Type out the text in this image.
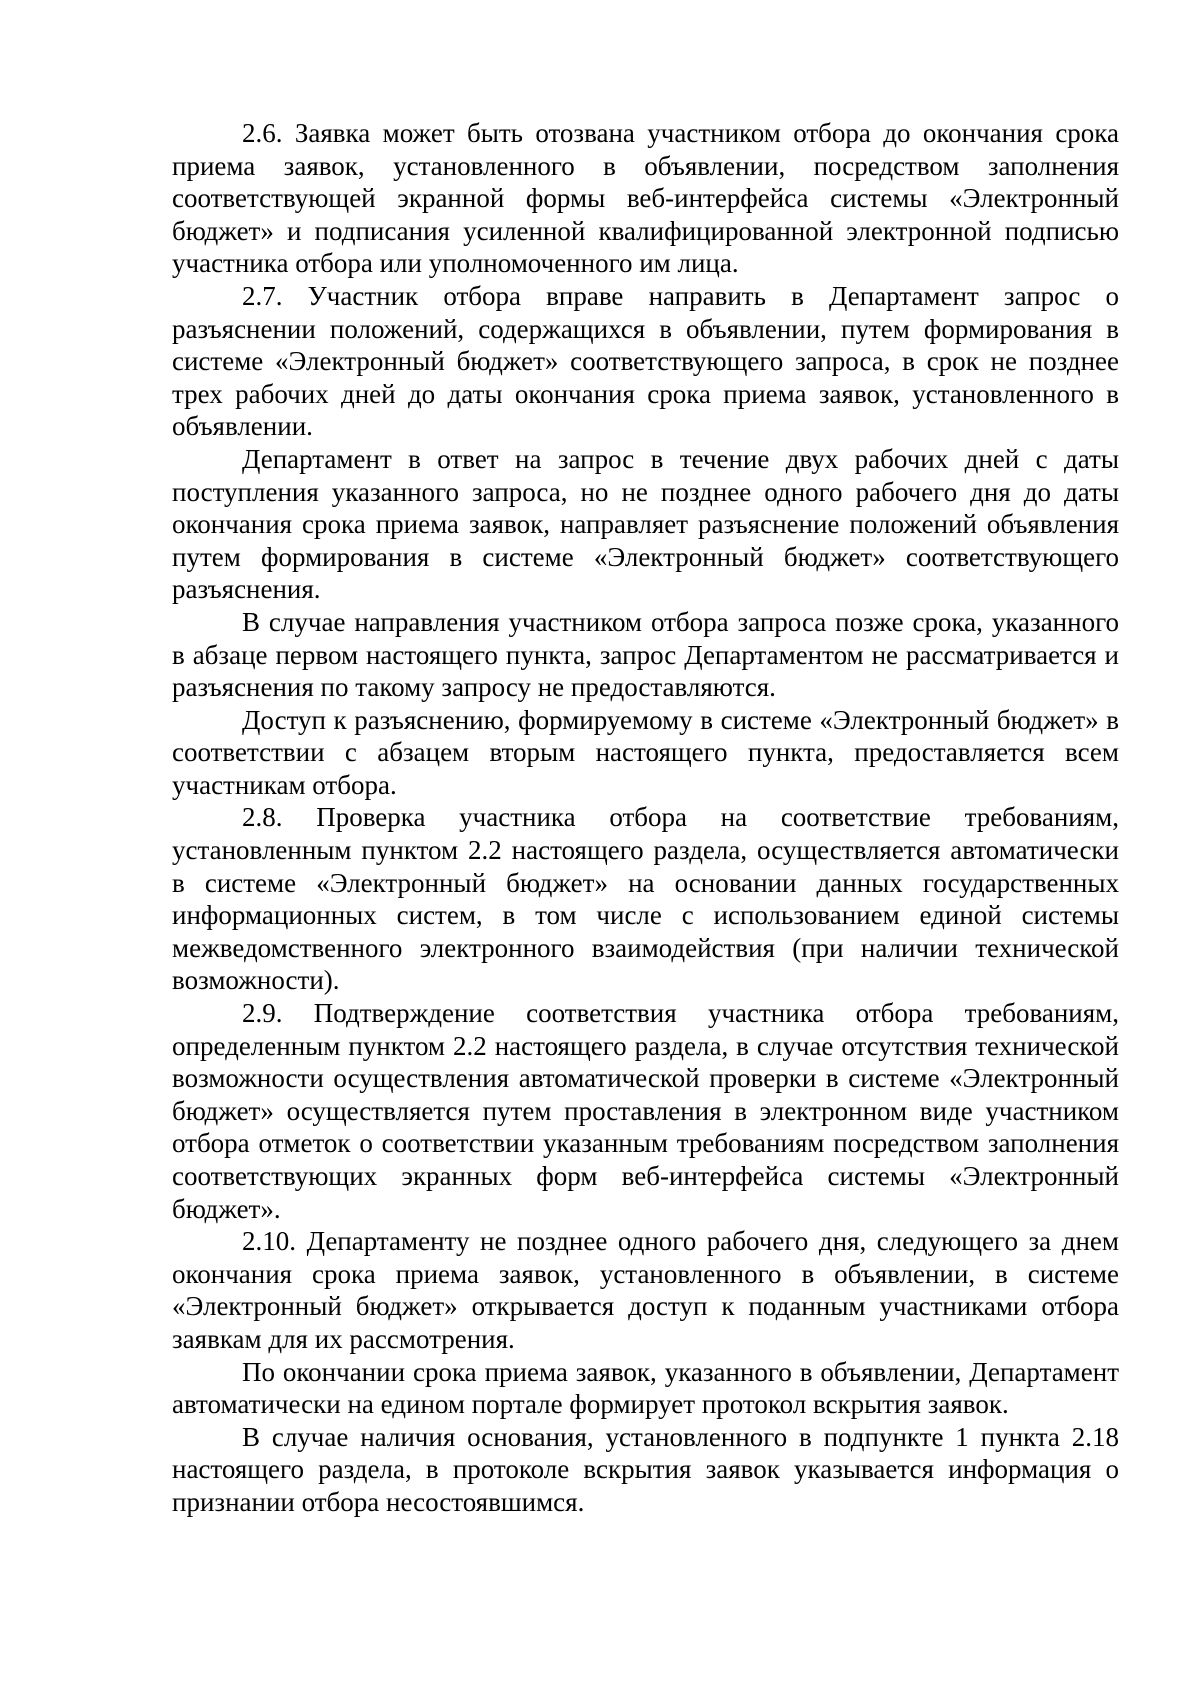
2.6. Заявка может быть отозвана участником отбора до окончания срока приема заявок, установленного в объявлении, посредством заполнения соответствующей экранной формы веб-интерфейса системы «Электронный бюджет» и подписания усиленной квалифицированной электронной подписью участника отбора или уполномоченного им лица.

2.7. Участник отбора вправе направить в Департамент запрос о разъяснении положений, содержащихся в объявлении, путем формирования в системе «Электронный бюджет» соответствующего запроса, в срок не позднее трех рабочих дней до даты окончания срока приема заявок, установленного в объявлении.

Департамент в ответ на запрос в течение двух рабочих дней с даты поступления указанного запроса, но не позднее одного рабочего дня до даты окончания срока приема заявок, направляет разъяснение положений объявления путем формирования в системе «Электронный бюджет» соответствующего разъяснения.

В случае направления участником отбора запроса позже срока, указанного в абзаце первом настоящего пункта, запрос Департаментом не рассматривается и разъяснения по такому запросу не предоставляются.

Доступ к разъяснению, формируемому в системе «Электронный бюджет» в соответствии с абзацем вторым настоящего пункта, предоставляется всем участникам отбора.

2.8. Проверка участника отбора на соответствие требованиям, установленным пунктом 2.2 настоящего раздела, осуществляется автоматически в системе «Электронный бюджет» на основании данных государственных информационных систем, в том числе с использованием единой системы межведомственного электронного взаимодействия (при наличии технической возможности).

2.9. Подтверждение соответствия участника отбора требованиям, определенным пунктом 2.2 настоящего раздела, в случае отсутствия технической возможности осуществления автоматической проверки в системе «Электронный бюджет» осуществляется путем проставления в электронном виде участником отбора отметок о соответствии указанным требованиям посредством заполнения соответствующих экранных форм веб-интерфейса системы «Электронный бюджет».

2.10. Департаменту не позднее одного рабочего дня, следующего за днем окончания срока приема заявок, установленного в объявлении, в системе «Электронный бюджет» открывается доступ к поданным участниками отбора заявкам для их рассмотрения.

По окончании срока приема заявок, указанного в объявлении, Департамент автоматически на едином портале формирует протокол вскрытия заявок.

В случае наличия основания, установленного в подпункте 1 пункта 2.18 настоящего раздела, в протоколе вскрытия заявок указывается информация о признании отбора несостоявшимся.
